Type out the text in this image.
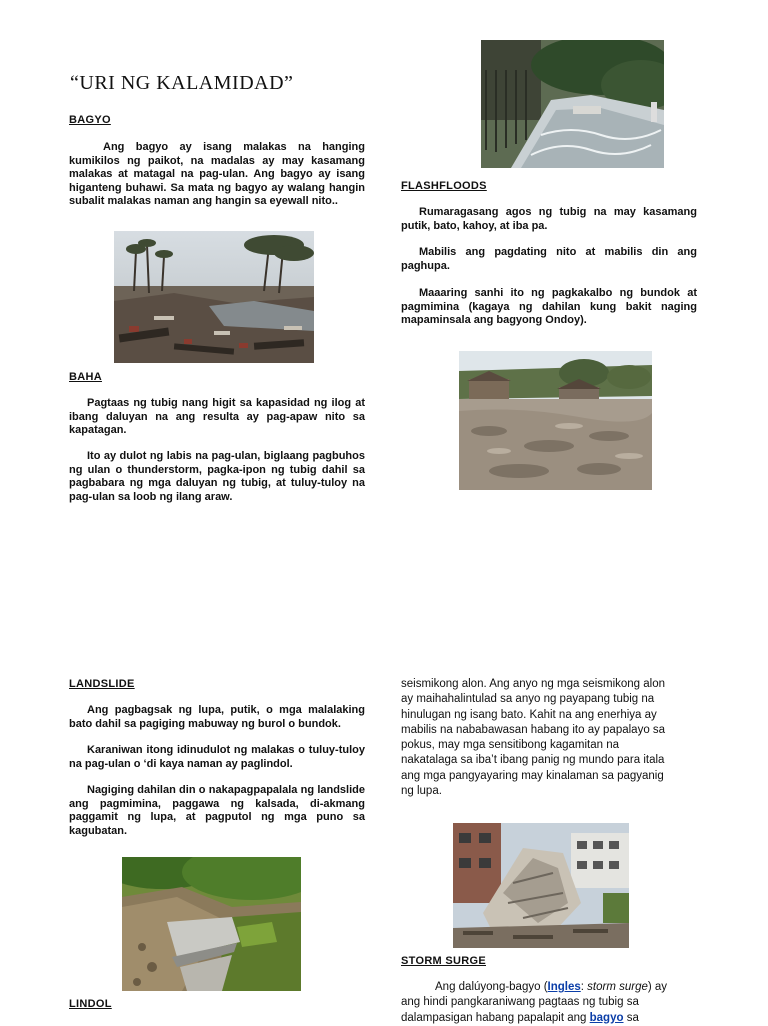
“URI NG KALAMIDAD”
BAGYO
Ang bagyo ay isang malakas na hanging kumikilos ng paikot, na madalas ay may kasamang malakas at matagal na pag-ulan. Ang bagyo ay isang higanteng buhawi. Sa mata ng bagyo ay walang hangin subalit malakas naman ang hangin sa eyewall nito..
BAHA
Pagtaas ng tubig nang higit sa kapasidad ng ilog at ibang daluyan na ang resulta ay pag-apaw nito sa kapatagan.
Ito ay dulot ng labis na pag-ulan, biglaang pagbuhos ng ulan o thunderstorm, pagka-ipon ng tubig dahil sa pagbabara ng mga daluyan ng tubig, at tuluy-tuloy na pag-ulan sa loob ng ilang araw.
FLASHFLOODS
Rumaragasang agos ng tubig na may kasamang putik, bato, kahoy, at iba pa.
Mabilis ang pagdating nito at mabilis din ang paghupa.
Maaaring sanhi ito ng pagkakalbo ng bundok at pagmimina (kagaya ng dahilan kung bakit naging mapaminsala ang bagyong Ondoy).
LANDSLIDE
Ang pagbagsak ng lupa, putik, o mga malalaking bato dahil sa pagiging mabuway ng burol o bundok.
Karaniwan itong idinudulot ng malakas o tuluy-tuloy na pag-ulan o ‘di kaya naman ay paglindol.
Nagiging dahilan din o nakapagpapalala ng landslide ang pagmimina, paggawa ng kalsada, di-akmang paggamit ng lupa, at pagputol ng mga puno sa kagubatan.
LINDOL
seismikong alon. Ang anyo ng mga seismikong alon
ay maihahalintulad sa anyo ng payapang tubig na
hinulugan ng isang bato. Kahit na ang enerhiya ay
mabilis na nababawasan habang ito ay papalayo sa
pokus, may mga sensitibong kagamitan na
nakatalaga sa iba’t ibang panig ng mundo para itala
ang mga pangyayaring may kinalaman sa pagyanig
ng lupa.
STORM SURGE
Ang dalúyong-bagyo (Ingles: storm surge) ay
ang hindi pangkaraniwang pagtaas ng tubig sa
dalampasigan habang papalapit ang bagyo sa
